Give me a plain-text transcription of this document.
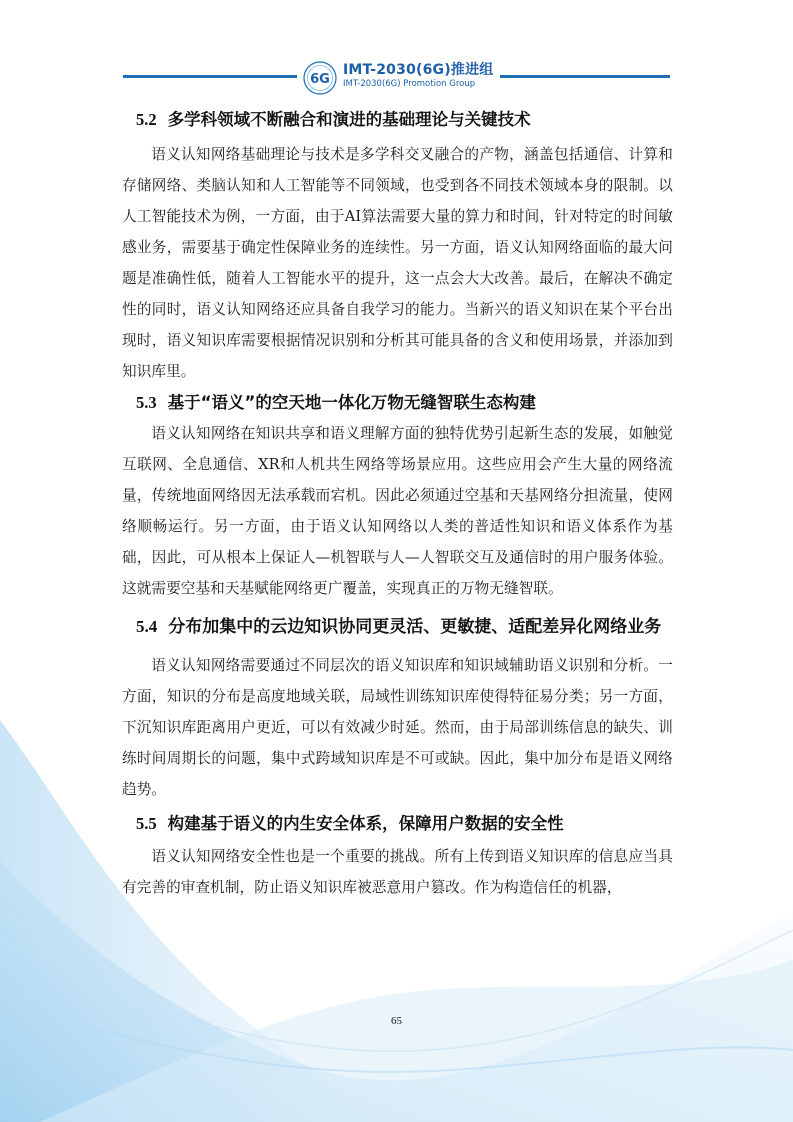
6G
IMT-2030(6G)推进组
IMT-2030(6G) Promotion Group
5.2 多学科领域不断融合和演进的基础理论与关键技术

语义认知网络基础理论与技术是多学科交叉融合的产物，涵盖包括通信、计算和存储网络、类脑认知和人工智能等不同领域，也受到各不同技术领域本身的限制。以人工智能技术为例，一方面，由于AI算法需要大量的算力和时间，针对特定的时间敏感业务，需要基于确定性保障业务的连续性。另一方面，语义认知网络面临的最大问题是准确性低，随着人工智能水平的提升，这一点会大大改善。最后，在解决不确定性的同时，语义认知网络还应具备自我学习的能力。当新兴的语义知识在某个平台出现时，语义知识库需要根据情况识别和分析其可能具备的含义和使用场景，并添加到知识库里。

5.3 基于“语义”的空天地一体化万物无缝智联生态构建

语义认知网络在知识共享和语义理解方面的独特优势引起新生态的发展，如触觉互联网、全息通信、XR和人机共生网络等场景应用。这些应用会产生大量的网络流量，传统地面网络因无法承载而宕机。因此必须通过空基和天基网络分担流量，使网络顺畅运行。另一方面，由于语义认知网络以人类的普适性知识和语义体系作为基础，因此，可从根本上保证人—机智联与人—人智联交互及通信时的用户服务体验。这就需要空基和天基赋能网络更广覆盖，实现真正的万物无缝智联。

5.4 分布加集中的云边知识协同更灵活、更敏捷、适配差异化网络业务

语义认知网络需要通过不同层次的语义知识库和知识域辅助语义识别和分析。一方面，知识的分布是高度地域关联，局域性训练知识库使得特征易分类；另一方面，下沉知识库距离用户更近，可以有效减少时延。然而，由于局部训练信息的缺失、训练时间周期长的问题，集中式跨域知识库是不可或缺。因此，集中加分布是语义网络趋势。

5.5 构建基于语义的内生安全体系，保障用户数据的安全性

语义认知网络安全性也是一个重要的挑战。所有上传到语义知识库的信息应当具有完善的审查机制，防止语义知识库被恶意用户篡改。作为构造信任的机器，

65
